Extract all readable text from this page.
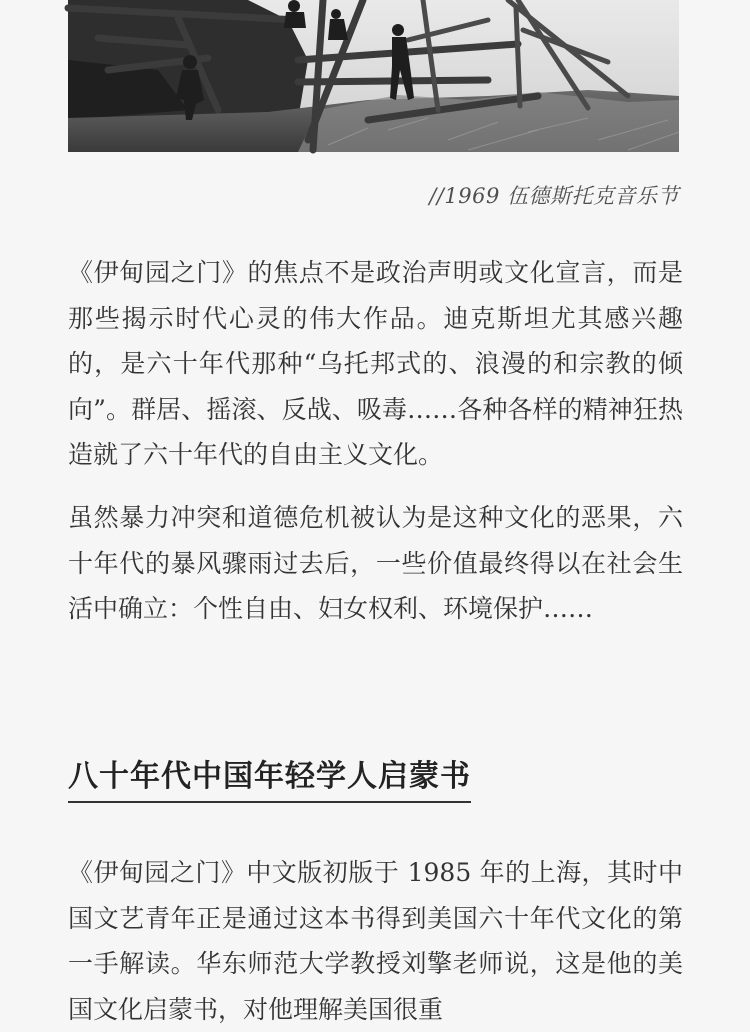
//1969 伍德斯托克音乐节

《伊甸园之门》的焦点不是政治声明或文化宣言，而是那些揭示时代心灵的伟大作品。迪克斯坦尤其感兴趣的，是六十年代那种“乌托邦式的、浪漫的和宗教的倾向”。群居、摇滚、反战、吸毒……各种各样的精神狂热造就了六十年代的自由主义文化。

虽然暴力冲突和道德危机被认为是这种文化的恶果，六十年代的暴风骤雨过去后，一些价值最终得以在社会生活中确立：个性自由、妇女权利、环境保护……

八十年代中国年轻学人启蒙书

《伊甸园之门》中文版初版于 1985 年的上海，其时中国文艺青年正是通过这本书得到美国六十年代文化的第一手解读。华东师范大学教授刘擎老师说，这是他的美国文化启蒙书，对他理解美国很重
